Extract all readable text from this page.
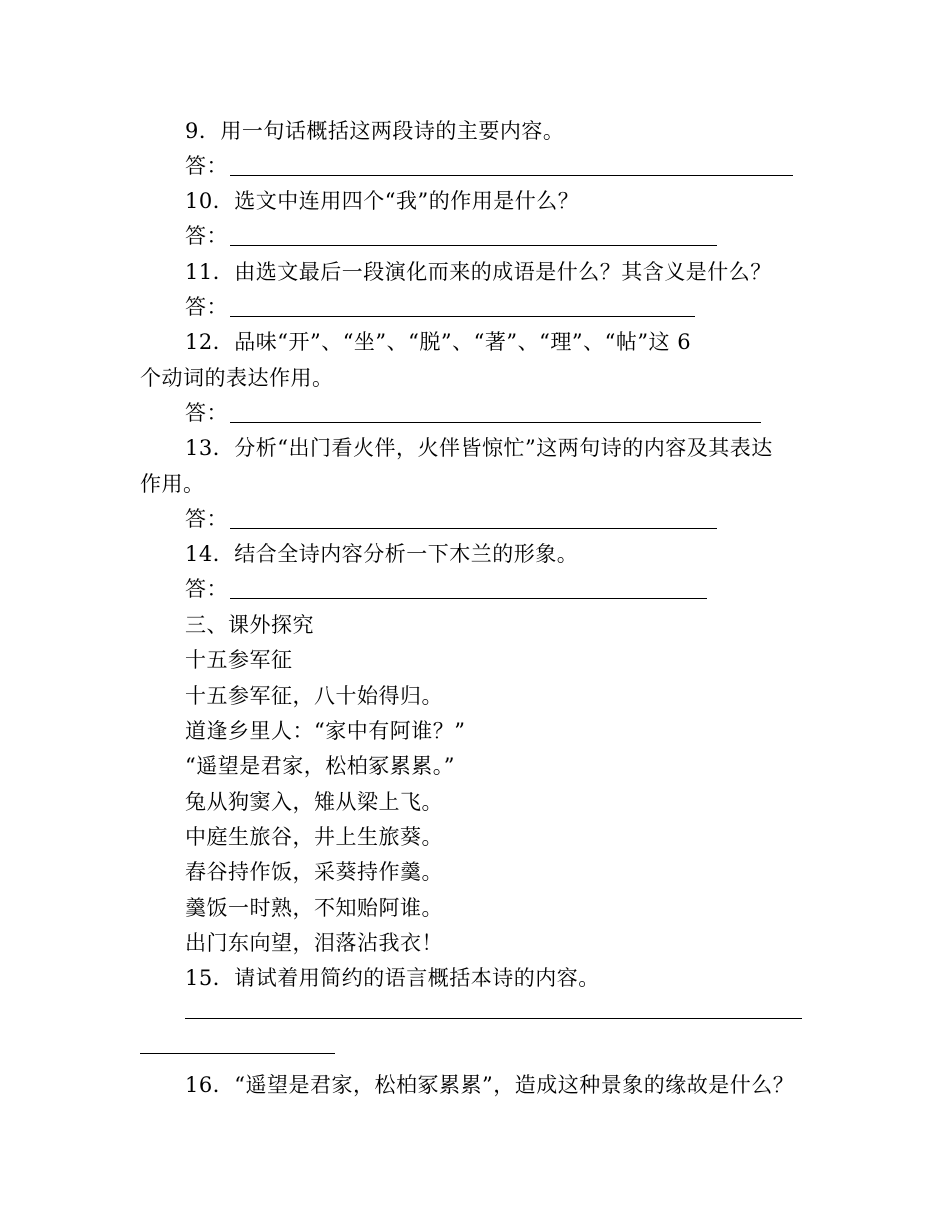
9．用一句话概括这两段诗的主要内容。
答：
10．选文中连用四个“我”的作用是什么？
答：
11．由选文最后一段演化而来的成语是什么？其含义是什么？
答：
12．品味“开”、“坐”、“脱”、“著”、“理”、“帖”这 6
个动词的表达作用。
答：
13．分析“出门看火伴，火伴皆惊忙”这两句诗的内容及其表达
作用。
答：
14．结合全诗内容分析一下木兰的形象。
答：
三、课外探究
十五参军征
十五参军征，八十始得归。
道逢乡里人：“家中有阿谁？”
“遥望是君家，松柏冢累累。”
兔从狗窦入，雉从梁上飞。
中庭生旅谷，井上生旅葵。
舂谷持作饭，采葵持作羹。
羹饭一时熟，不知贻阿谁。
出门东向望，泪落沾我衣！
15．请试着用简约的语言概括本诗的内容。
16．“遥望是君家，松柏冢累累”，造成这种景象的缘故是什么？
